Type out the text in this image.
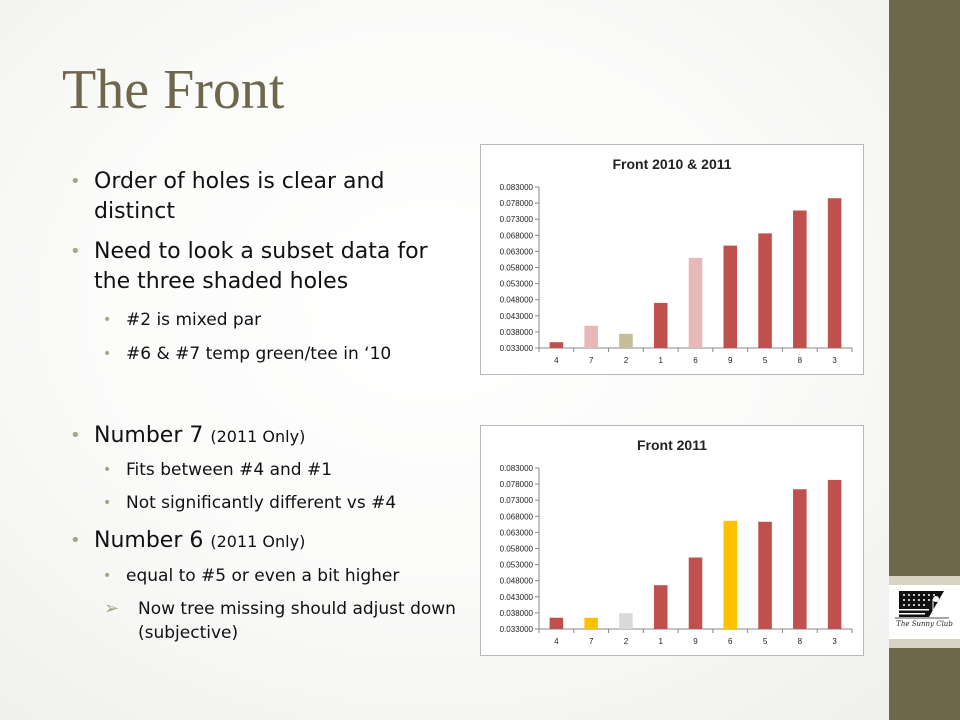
The Sunny Club
The Front
• Order of holes is clear and distinct
• Need to look a subset data for the three shaded holes
• #2 is mixed par
• #6 & #7 temp green/tee in ‘10
• Number 7 (2011 Only)
• Fits between #4 and #1
• Not significantly different vs #4
• Number 6 (2011 Only)
• equal to #5 or even a bit higher
➢ Now tree missing should adjust down (subjective)
Front 2010 & 2011
0.083000
0.078000
0.073000
0.068000
0.063000
0.058000
0.053000
0.048000
0.043000
0.038000
0.033000
4	7	2	1	6	9	5	8	3
Front 2011
0.083000
0.078000
0.073000
0.068000
0.063000
0.058000
0.053000
0.048000
0.043000
0.038000
0.033000
4	7	2	1	9	6	5	8	3
